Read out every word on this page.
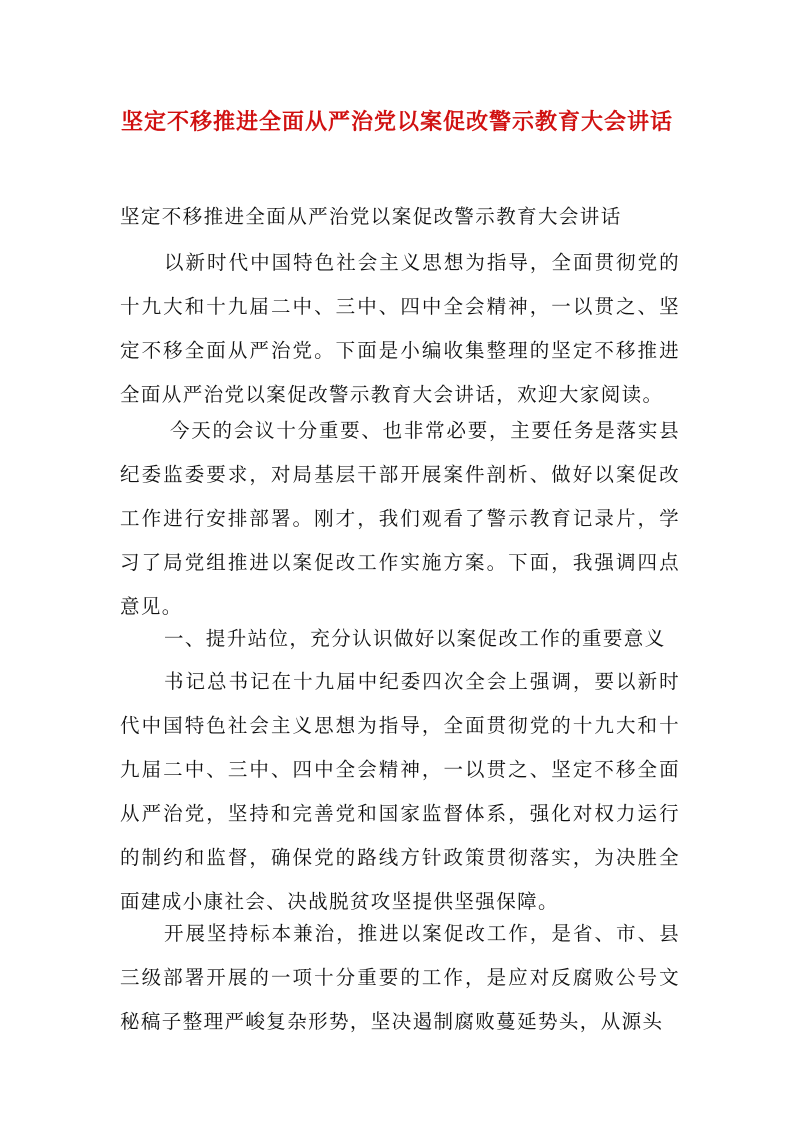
坚定不移推进全面从严治党以案促改警示教育大会讲话
坚定不移推进全面从严治党以案促改警示教育大会讲话
以新时代中国特色社会主义思想为指导，全面贯彻党的十九大和十九届二中、三中、四中全会精神，一以贯之、坚定不移全面从严治党。下面是小编收集整理的坚定不移推进全面从严治党以案促改警示教育大会讲话，欢迎大家阅读。
今天的会议十分重要、也非常必要，主要任务是落实县纪委监委要求，对局基层干部开展案件剖析、做好以案促改工作进行安排部署。刚才，我们观看了警示教育记录片，学习了局党组推进以案促改工作实施方案。下面，我强调四点意见。
一、提升站位，充分认识做好以案促改工作的重要意义
书记总书记在十九届中纪委四次全会上强调，要以新时代中国特色社会主义思想为指导，全面贯彻党的十九大和十九届二中、三中、四中全会精神，一以贯之、坚定不移全面从严治党，坚持和完善党和国家监督体系，强化对权力运行的制约和监督，确保党的路线方针政策贯彻落实，为决胜全面建成小康社会、决战脱贫攻坚提供坚强保障。
开展坚持标本兼治，推进以案促改工作，是省、市、县三级部署开展的一项十分重要的工作，是应对反腐败公号文秘稿子整理严峻复杂形势，坚决遏制腐败蔓延势头，从源头
